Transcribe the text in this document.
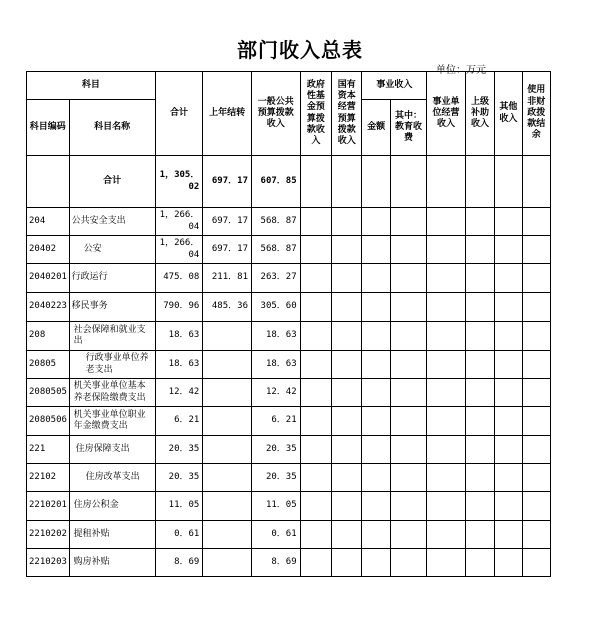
部门收入总表
单位：万元
科目		合计	上年结转	一般公共预算拨款收入	政府性基金预算拨款收入	国有资本经营预算拨款收入	事业收入		事业单位经营收入	上级补助收入	其他收入	使用非财政拨款结余
科目编码	科目名称						金额	其中：教育收费				
	合计	1，305．02	697．17	607．85								
204	公共安全支出	1，266．04	697．17	568．87								
20402	公安	1，266．04	697．17	568．87								
2040201	行政运行	475．08	211．81	263．27								
2040223	移民事务	790．96	485．36	305．60								
208	社会保障和就业支出	18．63		18．63								
20805	行政事业单位养老支出	18．63		18．63								
2080505	机关事业单位基本养老保险缴费支出	12．42		12．42								
2080506	机关事业单位职业年金缴费支出	6．21		6．21								
221	住房保障支出	20．35		20．35								
22102	住房改革支出	20．35		20．35								
2210201	住房公积金	11．05		11．05								
2210202	提租补贴	0．61		0．61								
2210203	购房补贴	8．69		8．69								
